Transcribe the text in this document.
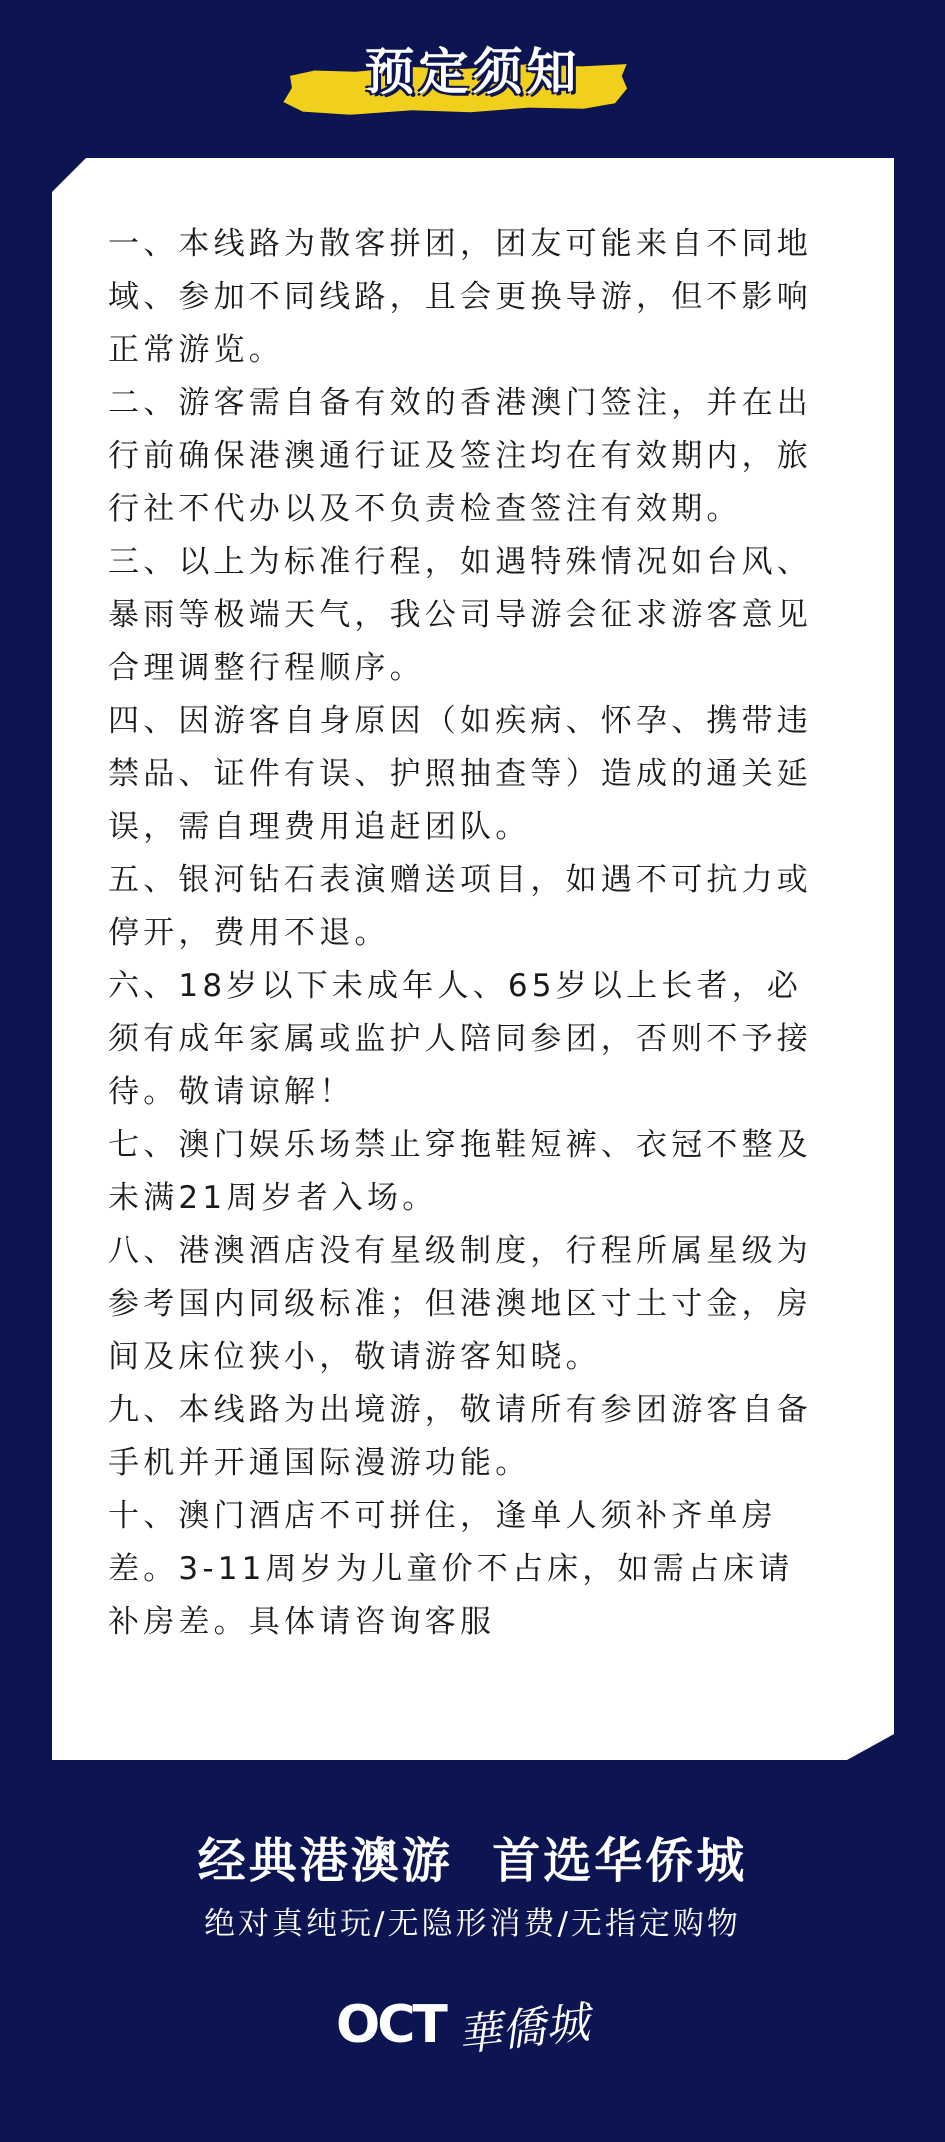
预定须知

一、本线路为散客拼团，团友可能来自不同地域、参加不同线路，且会更换导游，但不影响正常游览。

二、游客需自备有效的香港澳门签注，并在出行前确保港澳通行证及签注均在有效期内，旅行社不代办以及不负责检查签注有效期。

三、以上为标准行程，如遇特殊情况如台风、暴雨等极端天气，我公司导游会征求游客意见合理调整行程顺序。

四、因游客自身原因（如疾病、怀孕、携带违禁品、证件有误、护照抽查等）造成的通关延误，需自理费用追赶团队。

五、银河钻石表演赠送项目，如遇不可抗力或停开，费用不退。

六、18岁以下未成年人、65岁以上长者，必须有成年家属或监护人陪同参团，否则不予接待。敬请谅解！

七、澳门娱乐场禁止穿拖鞋短裤、衣冠不整及未满21周岁者入场。

八、港澳酒店没有星级制度，行程所属星级为参考国内同级标准；但港澳地区寸土寸金，房间及床位狭小，敬请游客知晓。

九、本线路为出境游，敬请所有参团游客自备手机并开通国际漫游功能。

十、澳门酒店不可拼住，逢单人须补齐单房差。3-11周岁为儿童价不占床，如需占床请补房差。具体请咨询客服

经典港澳游  首选华侨城
绝对真纯玩/无隐形消费/无指定购物
OCT 華僑城
